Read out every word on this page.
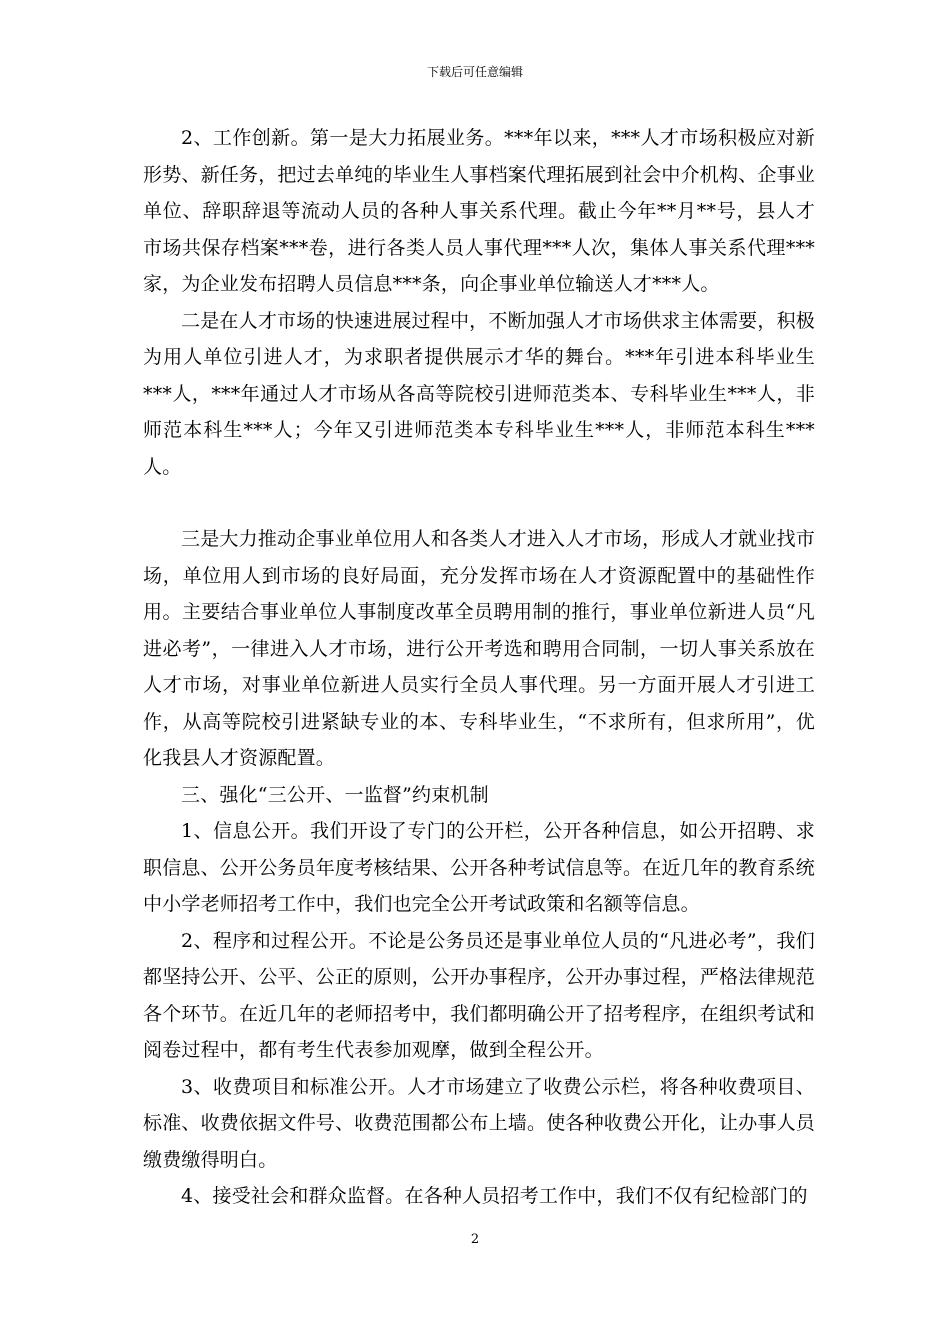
下载后可任意编辑

2、工作创新。第一是大力拓展业务。***年以来，***人才市场积极应对新形势、新任务，把过去单纯的毕业生人事档案代理拓展到社会中介机构、企事业单位、辞职辞退等流动人员的各种人事关系代理。截止今年**月**号，县人才市场共保存档案***卷，进行各类人员人事代理***人次，集体人事关系代理***家，为企业发布招聘人员信息***条，向企事业单位输送人才***人。

二是在人才市场的快速进展过程中，不断加强人才市场供求主体需要，积极为用人单位引进人才，为求职者提供展示才华的舞台。***年引进本科毕业生***人，***年通过人才市场从各高等院校引进师范类本、专科毕业生***人，非师范本科生***人；今年又引进师范类本专科毕业生***人，非师范本科生***人。

三是大力推动企事业单位用人和各类人才进入人才市场，形成人才就业找市场，单位用人到市场的良好局面，充分发挥市场在人才资源配置中的基础性作用。主要结合事业单位人事制度改革全员聘用制的推行，事业单位新进人员“凡进必考”，一律进入人才市场，进行公开考选和聘用合同制，一切人事关系放在人才市场，对事业单位新进人员实行全员人事代理。另一方面开展人才引进工作，从高等院校引进紧缺专业的本、专科毕业生，“不求所有，但求所用”，优化我县人才资源配置。

三、强化“三公开、一监督”约束机制

1、信息公开。我们开设了专门的公开栏，公开各种信息，如公开招聘、求职信息、公开公务员年度考核结果、公开各种考试信息等。在近几年的教育系统中小学老师招考工作中，我们也完全公开考试政策和名额等信息。

2、程序和过程公开。不论是公务员还是事业单位人员的“凡进必考”，我们都坚持公开、公平、公正的原则，公开办事程序，公开办事过程，严格法律规范各个环节。在近几年的老师招考中，我们都明确公开了招考程序，在组织考试和阅卷过程中，都有考生代表参加观摩，做到全程公开。

3、收费项目和标准公开。人才市场建立了收费公示栏，将各种收费项目、标准、收费依据文件号、收费范围都公布上墙。使各种收费公开化，让办事人员缴费缴得明白。

4、接受社会和群众监督。在各种人员招考工作中，我们不仅有纪检部门的

2
